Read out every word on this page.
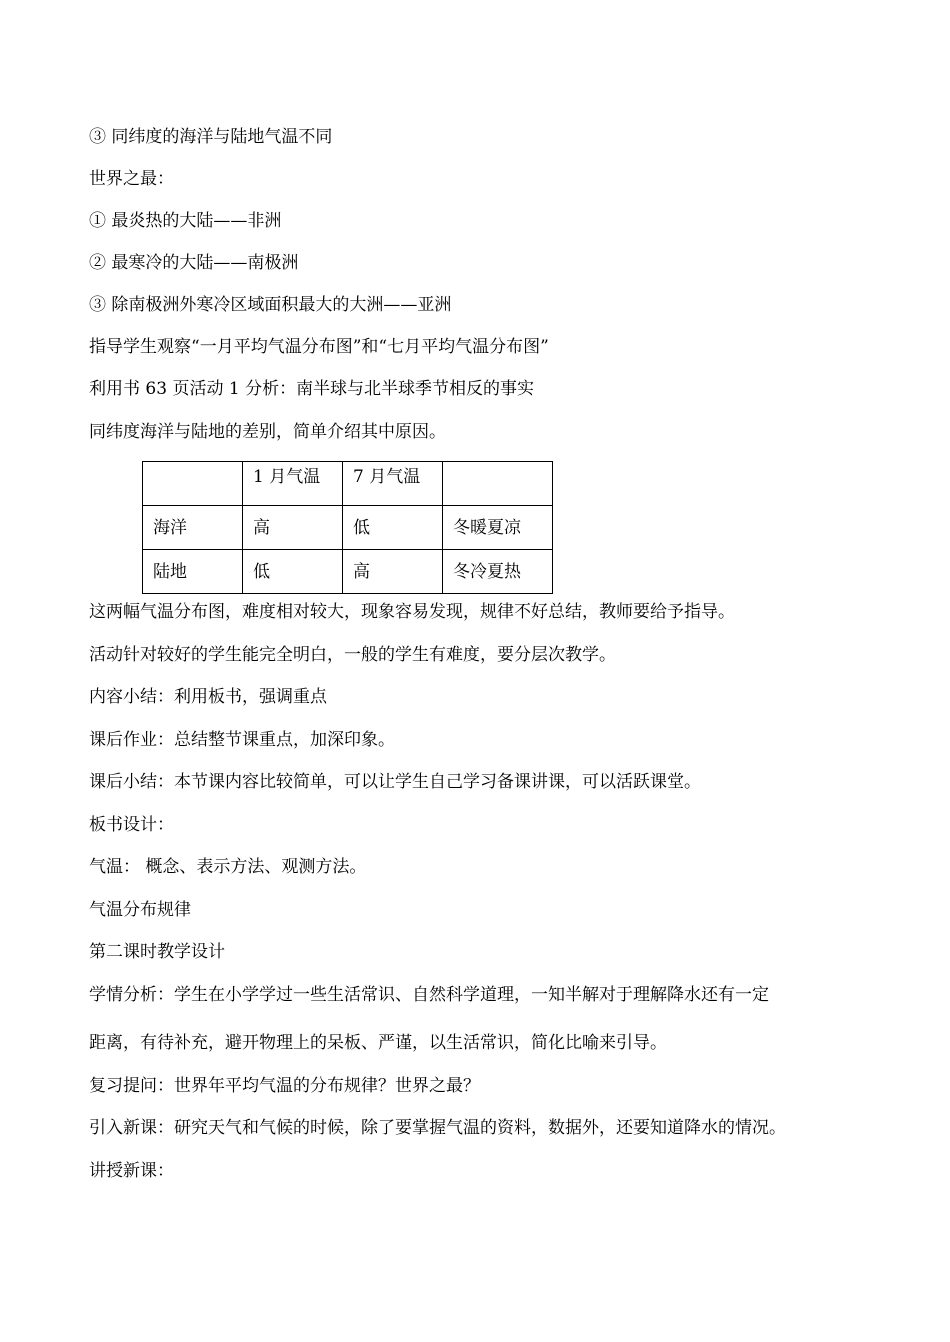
③ 同纬度的海洋与陆地气温不同

世界之最：

① 最炎热的大陆——非洲

② 最寒冷的大陆——南极洲

③ 除南极洲外寒冷区域面积最大的大洲——亚洲

指导学生观察“一月平均气温分布图”和“七月平均气温分布图”

利用书 63 页活动 1 分析：南半球与北半球季节相反的事实

同纬度海洋与陆地的差别，简单介绍其中原因。

	1 月气温	7 月气温	
海洋	高	低	冬暖夏凉
陆地	低	高	冬冷夏热

这两幅气温分布图，难度相对较大，现象容易发现，规律不好总结，教师要给予指导。

活动针对较好的学生能完全明白，一般的学生有难度，要分层次教学。

内容小结：利用板书，强调重点

课后作业：总结整节课重点，加深印象。

课后小结：本节课内容比较简单，可以让学生自己学习备课讲课，可以活跃课堂。

板书设计：

气温： 概念、表示方法、观测方法。

气温分布规律

第二课时教学设计

学情分析：学生在小学学过一些生活常识、自然科学道理，一知半解对于理解降水还有一定

距离，有待补充，避开物理上的呆板、严谨，以生活常识，简化比喻来引导。

复习提问：世界年平均气温的分布规律？世界之最？

引入新课：研究天气和气候的时候，除了要掌握气温的资料，数据外，还要知道降水的情况。

讲授新课：
